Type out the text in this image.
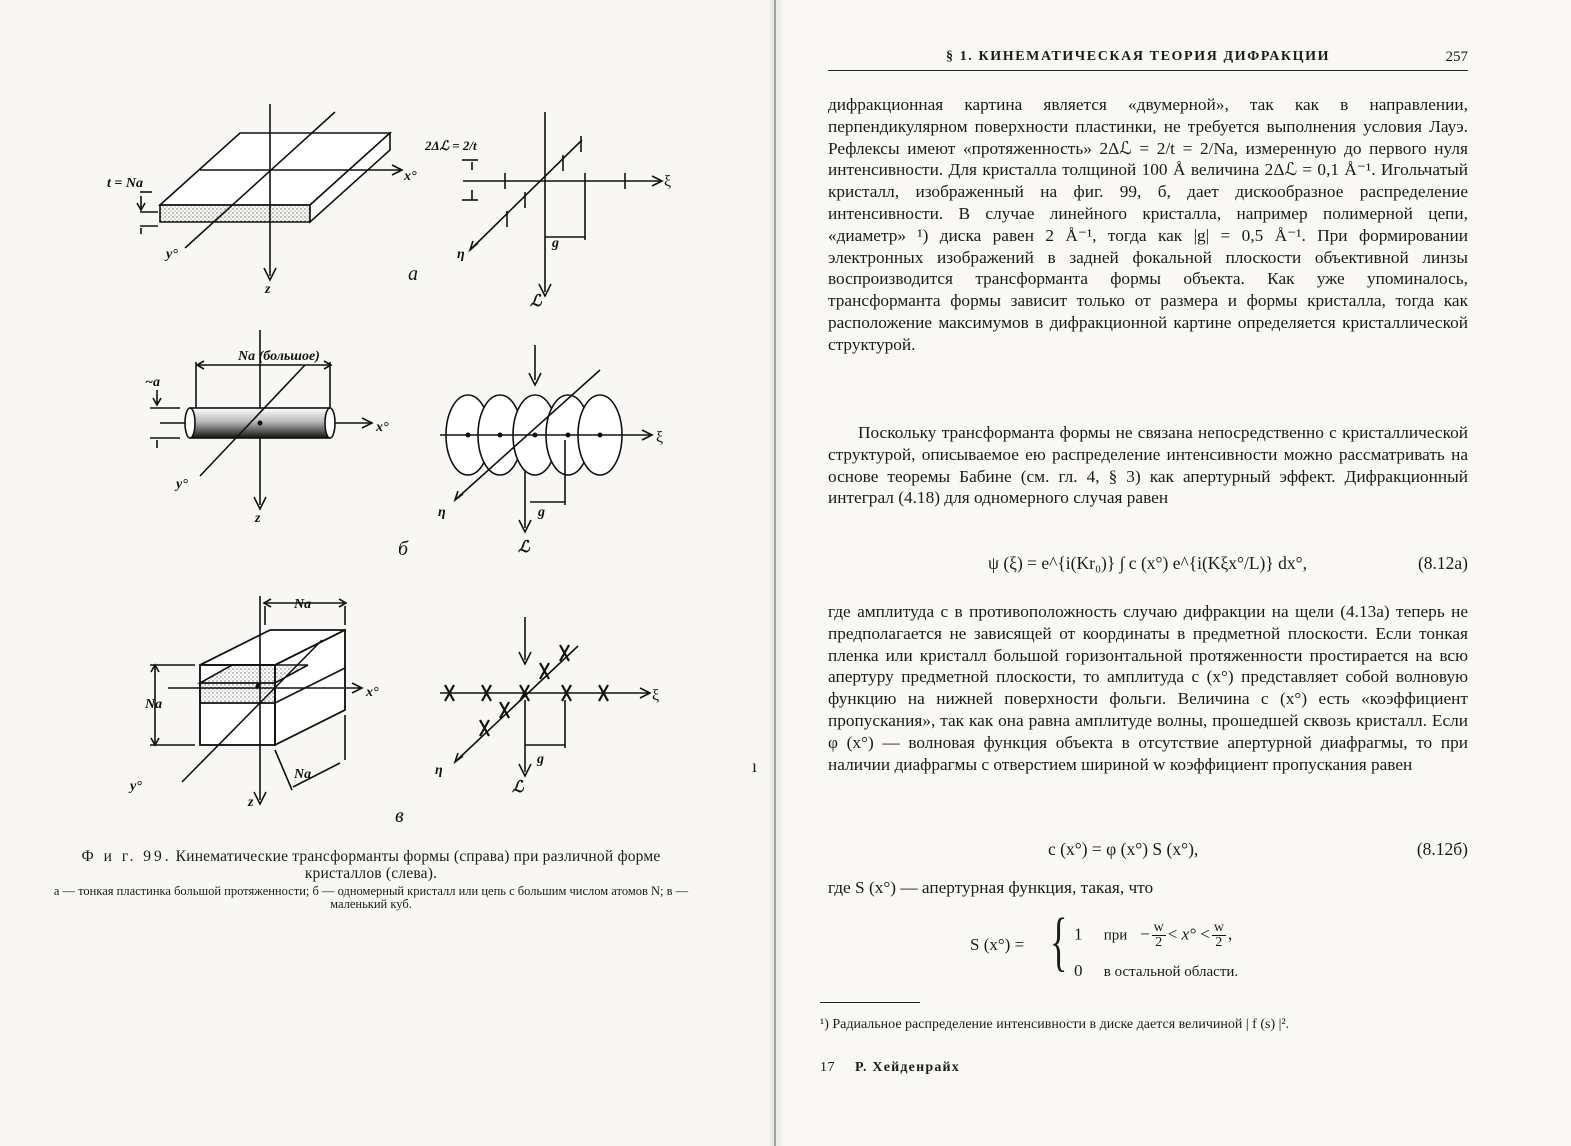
t = Na	x°
y°
z
а
2Δℒ = 2/t
ξ
η
ℒ
g
Na (большое)
~a
x°
y°
z
б
ξ
η
ℒ
g
Na
Na
Na
x°
y°
z
в
ξ
η
ℒ
g
Ф и г. 99. Кинематические трансформанты формы (справа) при различной форме кристаллов (слева).
а — тонкая пластинка большой протяженности; б — одномерный кристалл или цепь с большим числом атомов N; в — маленький куб.
§ 1. КИНЕМАТИЧЕСКАЯ ТЕОРИЯ ДИФРАКЦИИ	257
дифракционная картина является «двумерной», так как в направлении, перпендикулярном поверхности пластинки, не требуется выполнения условия Лауэ. Рефлексы имеют «протяженность» 2Δℒ = 2/t = 2/Na, измеренную до первого нуля интенсивности. Для кристалла толщиной 100 Å величина 2Δℒ = 0,1 Å⁻¹. Игольчатый кристалл, изображенный на фиг. 99, б, дает дискообразное распределение интенсивности. В случае линейного кристалла, например полимерной цепи, «диаметр» ¹) диска равен 2 Å⁻¹, тогда как |g| = 0,5 Å⁻¹. При формировании электронных изображений в задней фокальной плоскости объективной линзы воспроизводится трансформанта формы объекта. Как уже упоминалось, трансформанта формы зависит только от размера и формы кристалла, тогда как расположение максимумов в дифракционной картине определяется кристаллической структурой.
Поскольку трансформанта формы не связана непосредственно с кристаллической структурой, описываемое ею распределение интенсивности можно рассматривать на основе теоремы Бабине (см. гл. 4, § 3) как апертурный эффект. Дифракционный интеграл (4.18) для одномерного случая равен
ψ (ξ) = e^{i(Kr₀)} ∫ c (x°) e^{i(Kξx°/L)} dx°,	(8.12а)
где амплитуда c в противоположность случаю дифракции на щели (4.13а) теперь не предполагается не зависящей от координаты в предметной плоскости. Если тонкая пленка или кристалл большой горизонтальной протяженности простирается на всю апертуру предметной плоскости, то амплитуда c (x°) представляет собой волновую функцию на нижней поверхности фольги. Величина c (x°) есть «коэффициент пропускания», так как она равна амплитуде волны, прошедшей сквозь кристалл. Если φ (x°) — волновая функция объекта в отсутствие апертурной диафрагмы, то при наличии диафрагмы с отверстием шириной w коэффициент пропускания равен
c (x°) = φ (x°) S (x°),	(8.12б)
где S (x°) — апертурная функция, такая, что
S (x°) = { 1 при   − $\frac{w}{2} < x^\circ < \frac{w}{2}$ ,
0 в остальной области.
¹) Радиальное распределение интенсивности в диске дается величиной | f (s) |².
17 Р. Хейденрайх
ı
